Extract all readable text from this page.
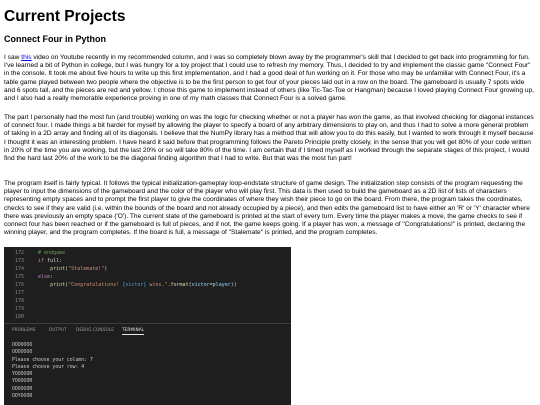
Current Projects
Connect Four in Python

I saw this video on Youtube recently in my recommended column, and I was so completely blown away by the programmer's skill that I decided to get back into programming for fun. I've learned a bit of Python in college, but I was hungry for a toy project that I could use to refresh my memory. Thus, I decided to try and implement the classic game "Connect Four" in the console. It took me about five hours to write up this first implementation, and I had a good deal of fun working on it. For those who may be unfamiliar with Connect Four, it's a table game played between two people where the objective is to be the first person to get four of your pieces laid out in a row on the board. The gameboard is usually 7 spots wide and 6 spots tall, and the pieces are red and yellow. I chose this game to implement instead of others (like Tic-Tac-Toe or Hangman) because I loved playing Connect Four growing up, and I also had a really memorable experience proving in one of my math classes that Connect Four is a solved game.

The part I personally had the most fun (and trouble) working on was the logic for checking whether or not a player has won the game, as that involved checking for diagonal instances of connect four. I made things a bit harder for myself by allowing the player to specify a board of any arbitrary dimensions to play on, and thus I had to solve a more general problem of taking in a 2D array and finding all of its diagonals. I believe that the NumPy library has a method that will allow you to do this easily, but I wanted to work through it myself because I thought it was an interesting problem. I have heard it said before that programming follows the Pareto Principle pretty closely, in the sense that you will get 80% of your code written in 20% of the time you are working, but the last 20% or so will take 80% of the time. I am certain that if I timed myself as I worked through the separate stages of this project, I would find the hard last 20% of the work to be the diagonal finding algorithm that I had to write. But that was the most fun part!

The program itself is fairly typical. It follows the typical initialization-gameplay loop-endstate structure of game design. The initialization step consists of the program requesting the player to input the dimensions of the gameboard and the color of the player who will play first. This data is then used to build the gameboard as a 2D list of lists of characters representing empty spaces and to prompt the first player to give the coordinates of where they wish their piece to go on the board. From there, the program takes the coordinates, checks to see if they are valid (i.e. within the bounds of the board and not already occupied by a piece), and then edits the gameboard list to have either an 'R' or 'Y' character where there was previously an empty space ('O'). The current state of the gameboard is printed at the start of every turn. Every time the player makes a move, the game checks to see if connect four has been reached or if the gameboard is full of pieces, and if not, the game keeps going. If a player has won, a message of "Congratulations!" is printed, declaring the winning player, and the program completes. If the board is full, a message of "Stalemate" is printed, and the program completes.

172 # endgame
173	if full:
174	print("Stalemate!")
175	else:
176	print("Congratulations! {victor} wins.".format(victor=player))
177
178
179
180
PROBLEMS	OUTPUT DEBUG CONSOLE TERMINAL
OOOOOOO
OOOOOOO
Please choose your column: 7
Please choose your row: 4
YOOOOOR
YOOOOOR
OOOOOOR
OOYOOOR
